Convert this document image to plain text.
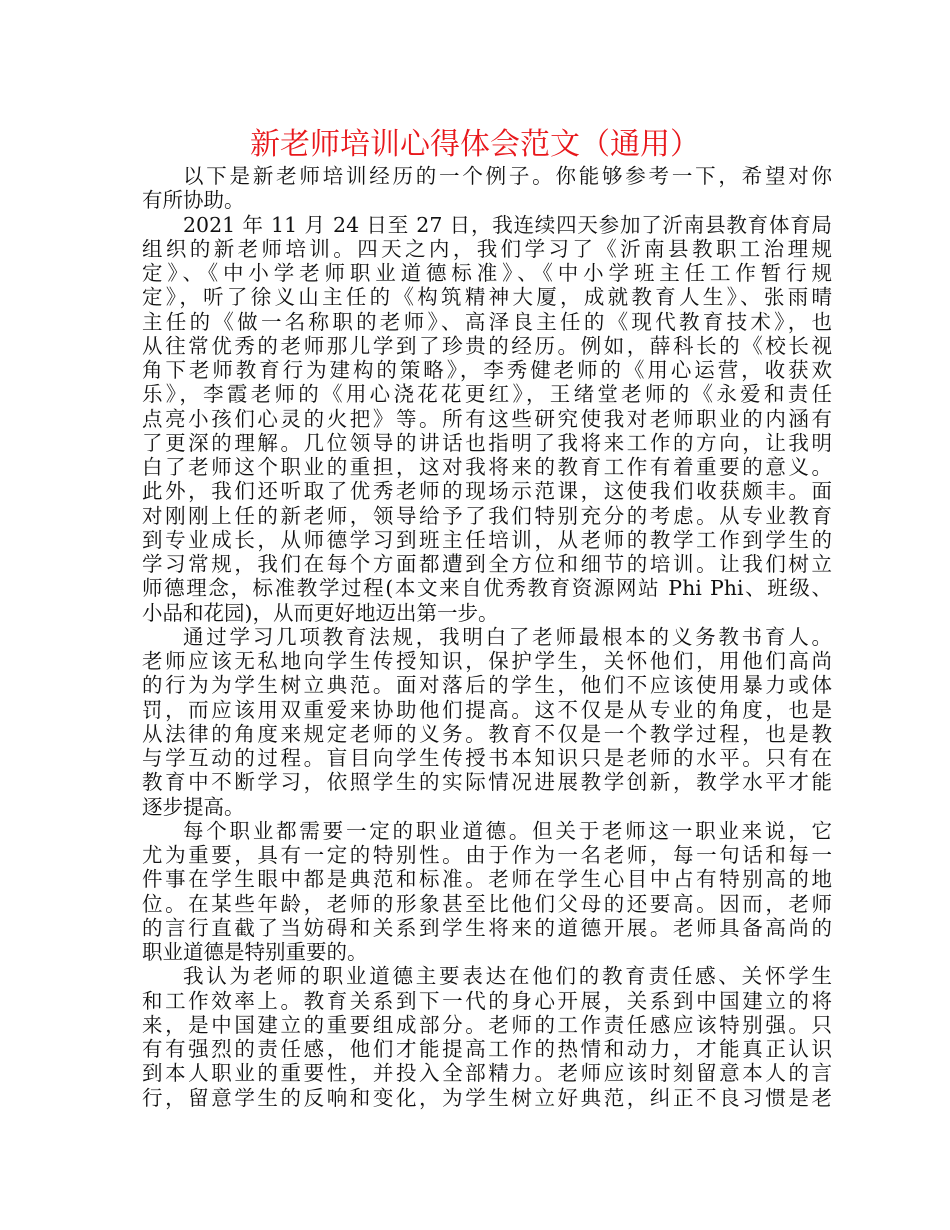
新老师培训心得体会范文（通用）
以下是新老师培训经历的一个例子。你能够参考一下，希望对你
有所协助。
2021 年 11 月 24 日至 27 日，我连续四天参加了沂南县教育体育局
组织的新老师培训。四天之内，我们学习了《沂南县教职工治理规
定》、《中小学老师职业道德标准》、《中小学班主任工作暂行规
定》，听了徐义山主任的《构筑精神大厦，成就教育人生》、张雨晴
主任的《做一名称职的老师》、高泽良主任的《现代教育技术》，也
从往常优秀的老师那儿学到了珍贵的经历。例如，薛科长的《校长视
角下老师教育行为建构的策略》，李秀健老师的《用心运营，收获欢
乐》，李霞老师的《用心浇花花更红》，王绪堂老师的《永爱和责任
点亮小孩们心灵的火把》等。所有这些研究使我对老师职业的内涵有
了更深的理解。几位领导的讲话也指明了我将来工作的方向，让我明
白了老师这个职业的重担，这对我将来的教育工作有着重要的意义。
此外，我们还听取了优秀老师的现场示范课，这使我们收获颇丰。面
对刚刚上任的新老师，领导给予了我们特别充分的考虑。从专业教育
到专业成长，从师德学习到班主任培训，从老师的教学工作到学生的
学习常规，我们在每个方面都遭到全方位和细节的培训。让我们树立
师德理念，标准教学过程(本文来自优秀教育资源网站 Phi Phi、班级、
小品和花园)，从而更好地迈出第一步。
通过学习几项教育法规，我明白了老师最根本的义务教书育人。
老师应该无私地向学生传授知识，保护学生，关怀他们，用他们高尚
的行为为学生树立典范。面对落后的学生，他们不应该使用暴力或体
罚，而应该用双重爱来协助他们提高。这不仅是从专业的角度，也是
从法律的角度来规定老师的义务。教育不仅是一个教学过程，也是教
与学互动的过程。盲目向学生传授书本知识只是老师的水平。只有在
教育中不断学习，依照学生的实际情况进展教学创新，教学水平才能
逐步提高。
每个职业都需要一定的职业道德。但关于老师这一职业来说，它
尤为重要，具有一定的特别性。由于作为一名老师，每一句话和每一
件事在学生眼中都是典范和标准。老师在学生心目中占有特别高的地
位。在某些年龄，老师的形象甚至比他们父母的还要高。因而，老师
的言行直截了当妨碍和关系到学生将来的道德开展。老师具备高尚的
职业道德是特别重要的。
我认为老师的职业道德主要表达在他们的教育责任感、关怀学生
和工作效率上。教育关系到下一代的身心开展，关系到中国建立的将
来，是中国建立的重要组成部分。老师的工作责任感应该特别强。只
有有强烈的责任感，他们才能提高工作的热情和动力，才能真正认识
到本人职业的重要性，并投入全部精力。老师应该时刻留意本人的言
行，留意学生的反响和变化，为学生树立好典范，纠正不良习惯是老
